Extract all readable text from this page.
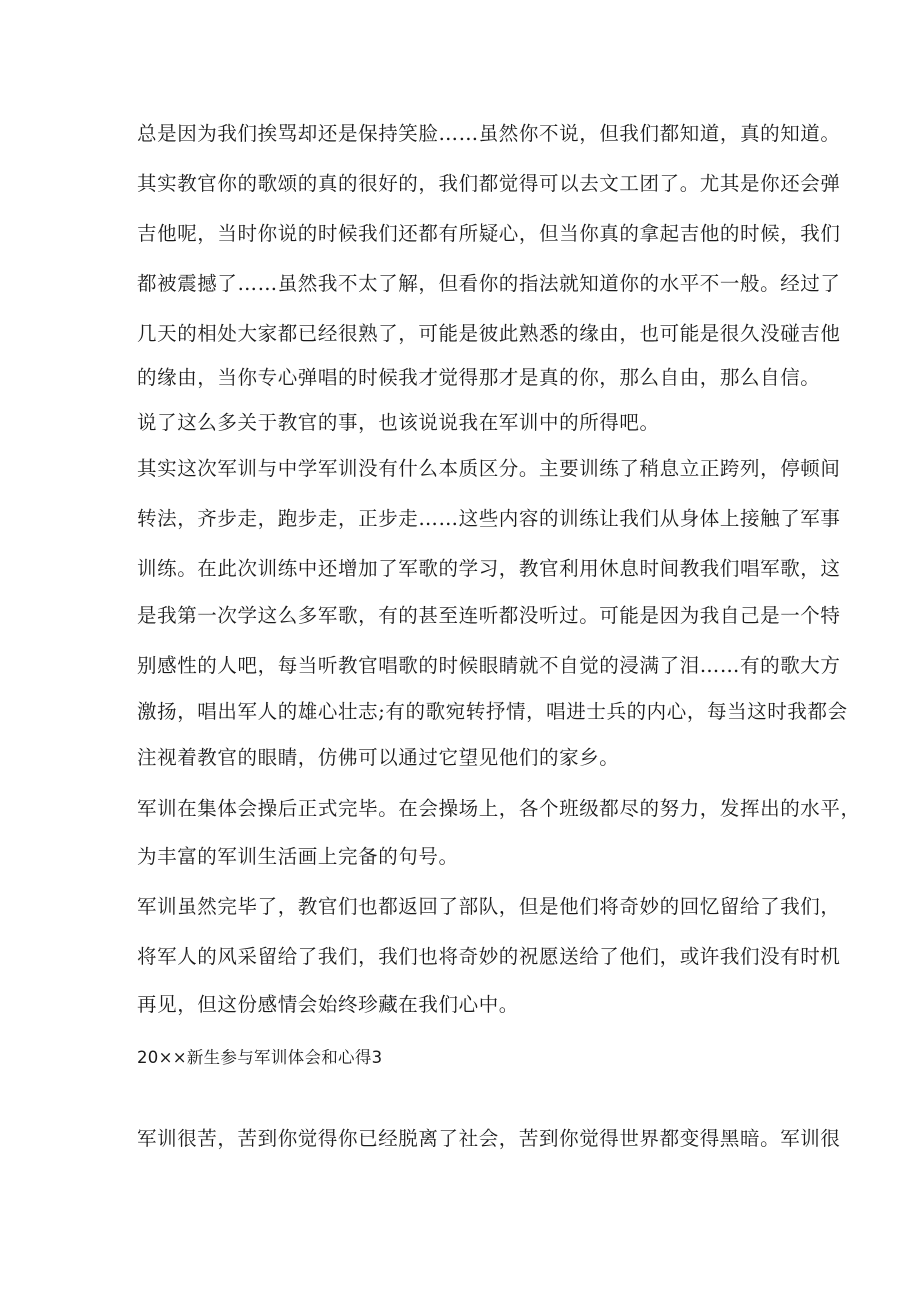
总是因为我们挨骂却还是保持笑脸……虽然你不说，但我们都知道，真的知道。
其实教官你的歌颂的真的很好的，我们都觉得可以去文工团了。尤其是你还会弹
吉他呢，当时你说的时候我们还都有所疑心，但当你真的拿起吉他的时候，我们
都被震撼了……虽然我不太了解，但看你的指法就知道你的水平不一般。经过了
几天的相处大家都已经很熟了，可能是彼此熟悉的缘由，也可能是很久没碰吉他
的缘由，当你专心弹唱的时候我才觉得那才是真的你，那么自由，那么自信。
说了这么多关于教官的事，也该说说我在军训中的所得吧。
其实这次军训与中学军训没有什么本质区分。主要训练了稍息立正跨列，停顿间
转法，齐步走，跑步走，正步走……这些内容的训练让我们从身体上接触了军事
训练。在此次训练中还增加了军歌的学习，教官利用休息时间教我们唱军歌，这
是我第一次学这么多军歌，有的甚至连听都没听过。可能是因为我自己是一个特
别感性的人吧，每当听教官唱歌的时候眼睛就不自觉的浸满了泪……有的歌大方
激扬，唱出军人的雄心壮志;有的歌宛转抒情，唱进士兵的内心，每当这时我都会
注视着教官的眼睛，仿佛可以通过它望见他们的家乡。
军训在集体会操后正式完毕。在会操场上，各个班级都尽的努力，发挥出的水平，
为丰富的军训生活画上完备的句号。
军训虽然完毕了，教官们也都返回了部队，但是他们将奇妙的回忆留给了我们，
将军人的风采留给了我们，我们也将奇妙的祝愿送给了他们，或许我们没有时机
再见，但这份感情会始终珍藏在我们心中。
20××新生参与军训体会和心得3
军训很苦，苦到你觉得你已经脱离了社会，苦到你觉得世界都变得黑暗。军训很
